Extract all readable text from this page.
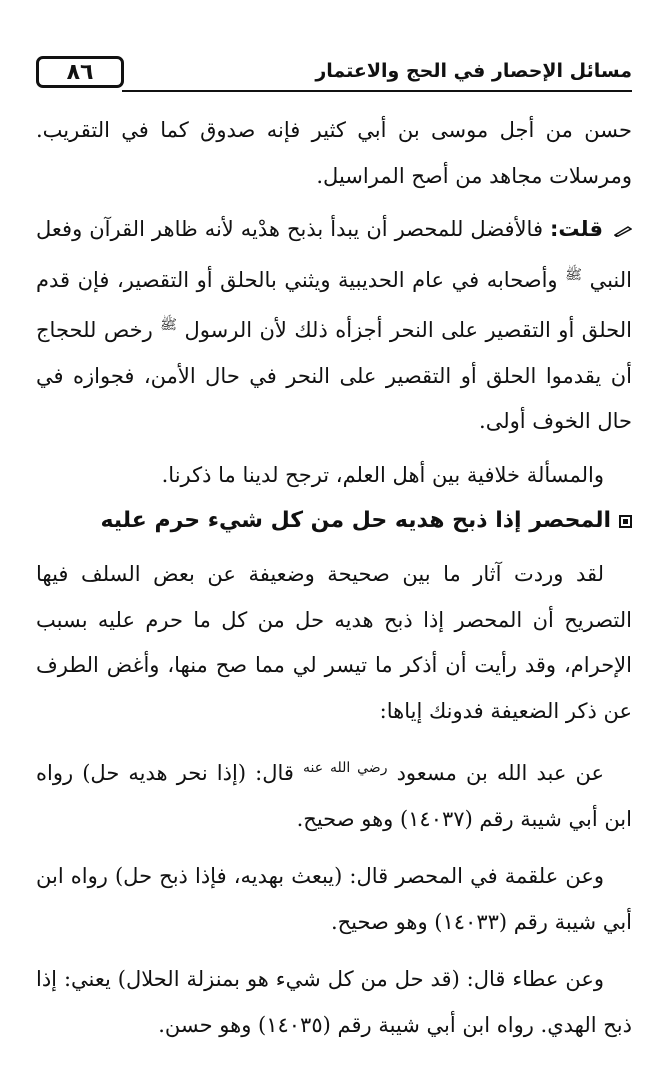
٨٦	مسائل الإحصار في الحج والاعتمار

حسن من أجل موسى بن أبي كثير فإنه صدوق كما في التقريب. ومرسلات مجاهد من أصح المراسيل.

قلت: فالأفضل للمحصر أن يبدأ بذبح هدْيه لأنه ظاهر القرآن وفعل النبي $^ﷺ$ وأصحابه في عام الحديبية ويثني بالحلق أو التقصير، فإن قدم الحلق أو التقصير على النحر أجزأه ذلك لأن الرسول $^ﷺ$ رخص للحجاج أن يقدموا الحلق أو التقصير على النحر في حال الأمن، فجوازه في حال الخوف أولى.

والمسألة خلافية بين أهل العلم، ترجح لدينا ما ذكرنا.

المحصر إذا ذبح هديه حل من كل شيء حرم عليه

لقد وردت آثار ما بين صحيحة وضعيفة عن بعض السلف فيها التصريح أن المحصر إذا ذبح هديه حل من كل ما حرم عليه بسبب الإحرام، وقد رأيت أن أذكر ما تيسر لي مما صح منها، وأغض الطرف عن ذكر الضعيفة فدونك إياها:

عن عبد الله بن مسعود $^{رضي الله عنه}$ قال: (إذا نحر هديه حل) رواه ابن أبي شيبة رقم (١٤٠٣٧) وهو صحيح.

وعن علقمة في المحصر قال: (يبعث بهديه، فإذا ذبح حل) رواه ابن أبي شيبة رقم (١٤٠٣٣) وهو صحيح.

وعن عطاء قال: (قد حل من كل شيء هو بمنزلة الحلال) يعني: إذا ذبح الهدي. رواه ابن أبي شيبة رقم (١٤٠٣٥) وهو حسن.
